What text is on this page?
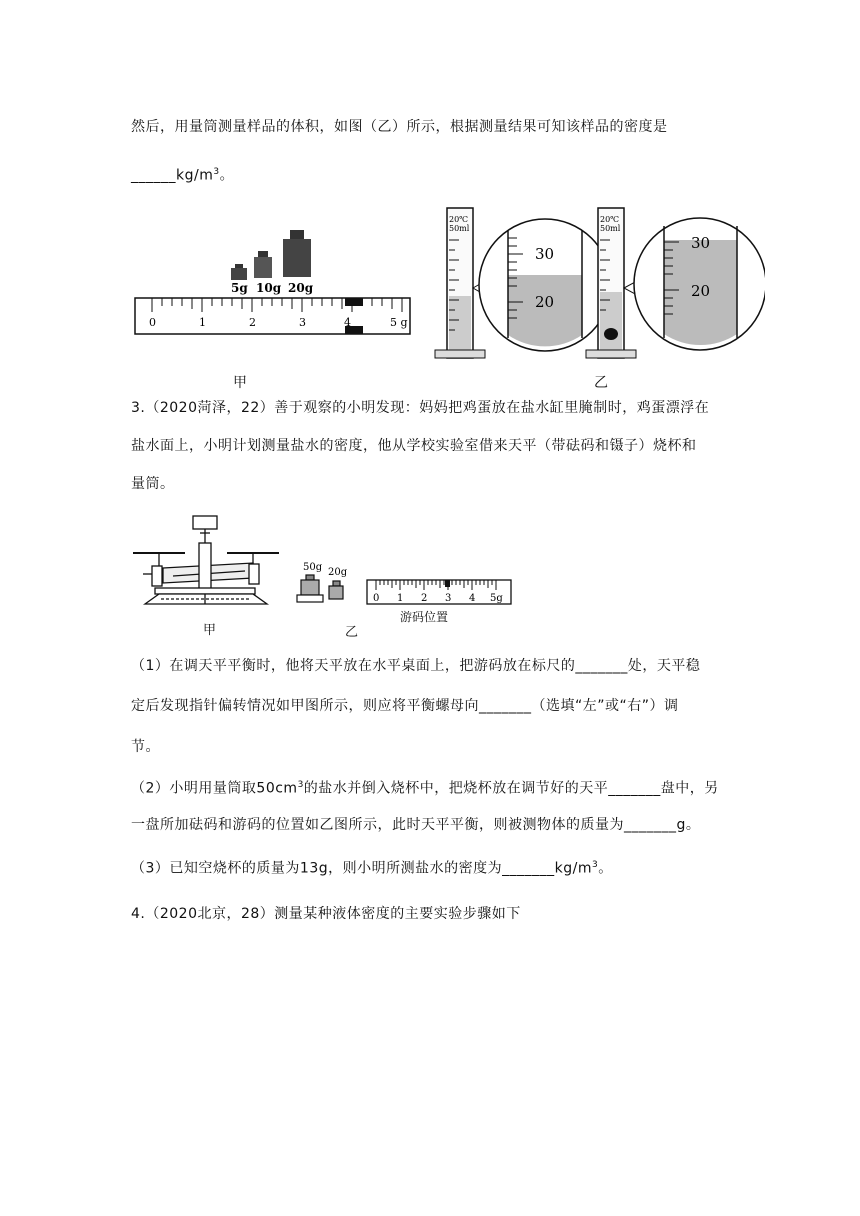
然后，用量筒测量样品的体积，如图（乙）所示，根据测量结果可知该样品的密度是
$\_\_\_\_\_\_kg/m^3$。
5g 10g 20g
0	1	2	3	4	5 g
20℃
50ml
30
20
20℃
50ml
30
20
甲	乙
3.（2020菏泽，22）善于观察的小明发现：妈妈把鸡蛋放在盐水缸里腌制时，鸡蛋漂浮在
盐水面上，小明计划测量盐水的密度，他从学校实验室借来天平（带砝码和镊子）烧杯和
量筒。
50g 20g
0 1 2 3 4 5g
游码位置
甲	乙
（1）在调天平平衡时，他将天平放在水平桌面上，把游码放在标尺的_______处，天平稳
定后发现指针偏转情况如甲图所示，则应将平衡螺母向_______（选填“左”或“右”）调
节。
（2）小明用量筒取$50cm^3$的盐水并倒入烧杯中，把烧杯放在调节好的天平_______盘中，另
一盘所加砝码和游码的位置如乙图所示，此时天平平衡，则被测物体的质量为_______g。
（3）已知空烧杯的质量为13g，则小明所测盐水的密度为$\_\_\_\_\_\_\_kg/m^3$。
4.（2020北京，28）测量某种液体密度的主要实验步骤如下
